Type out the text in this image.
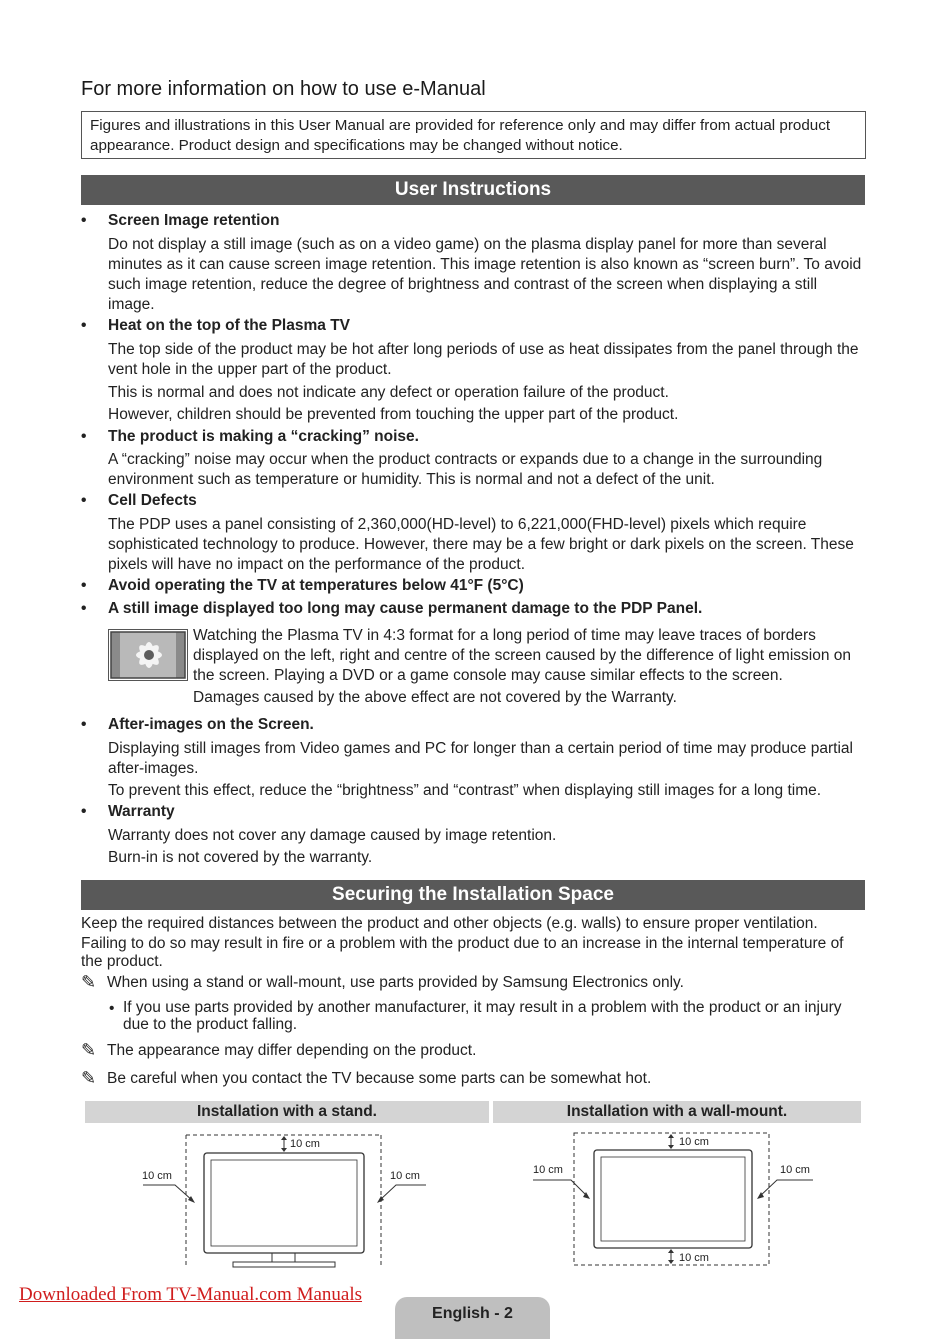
For more information on how to use e-Manual
Figures and illustrations in this User Manual are provided for reference only and may differ from actual product appearance. Product design and specifications may be changed without notice.
User Instructions
• Screen Image retention
Do not display a still image (such as on a video game) on the plasma display panel for more than several minutes as it can cause screen image retention. This image retention is also known as “screen burn”. To avoid such image retention, reduce the degree of brightness and contrast of the screen when displaying a still image.
• Heat on the top of the Plasma TV
The top side of the product may be hot after long periods of use as heat dissipates from the panel through the vent hole in the upper part of the product.
This is normal and does not indicate any defect or operation failure of the product.
However, children should be prevented from touching the upper part of the product.
• The product is making a “cracking” noise.
A “cracking” noise may occur when the product contracts or expands due to a change in the surrounding environment such as temperature or humidity. This is normal and not a defect of the unit.
• Cell Defects
The PDP uses a panel consisting of 2,360,000(HD-level) to 6,221,000(FHD-level) pixels which require sophisticated technology to produce. However, there may be a few bright or dark pixels on the screen. These pixels will have no impact on the performance of the product.
• Avoid operating the TV at temperatures below 41°F (5°C)
• A still image displayed too long may cause permanent damage to the PDP Panel.
Watching the Plasma TV in 4:3 format for a long period of time may leave traces of borders displayed on the left, right and centre of the screen caused by the difference of light emission on the screen. Playing a DVD or a game console may cause similar effects to the screen.
Damages caused by the above effect are not covered by the Warranty.
• After-images on the Screen.
Displaying still images from Video games and PC for longer than a certain period of time may produce partial after-images.
To prevent this effect, reduce the “brightness” and “contrast” when displaying still images for a long time.
• Warranty
Warranty does not cover any damage caused by image retention.
Burn-in is not covered by the warranty.
Securing the Installation Space
Keep the required distances between the product and other objects (e.g. walls) to ensure proper ventilation.
Failing to do so may result in fire or a problem with the product due to an increase in the internal temperature of the product.
✎ When using a stand or wall-mount, use parts provided by Samsung Electronics only.
• If you use parts provided by another manufacturer, it may result in a problem with the product or an injury due to the product falling.
✎ The appearance may differ depending on the product.
✎ Be careful when you contact the TV because some parts can be somewhat hot.
Installation with a stand.	Installation with a wall-mount.
10 cm
10 cm	10 cm
10 cm
10 cm	10 cm
10 cm
Downloaded From TV-Manual.com Manuals
English - 2
